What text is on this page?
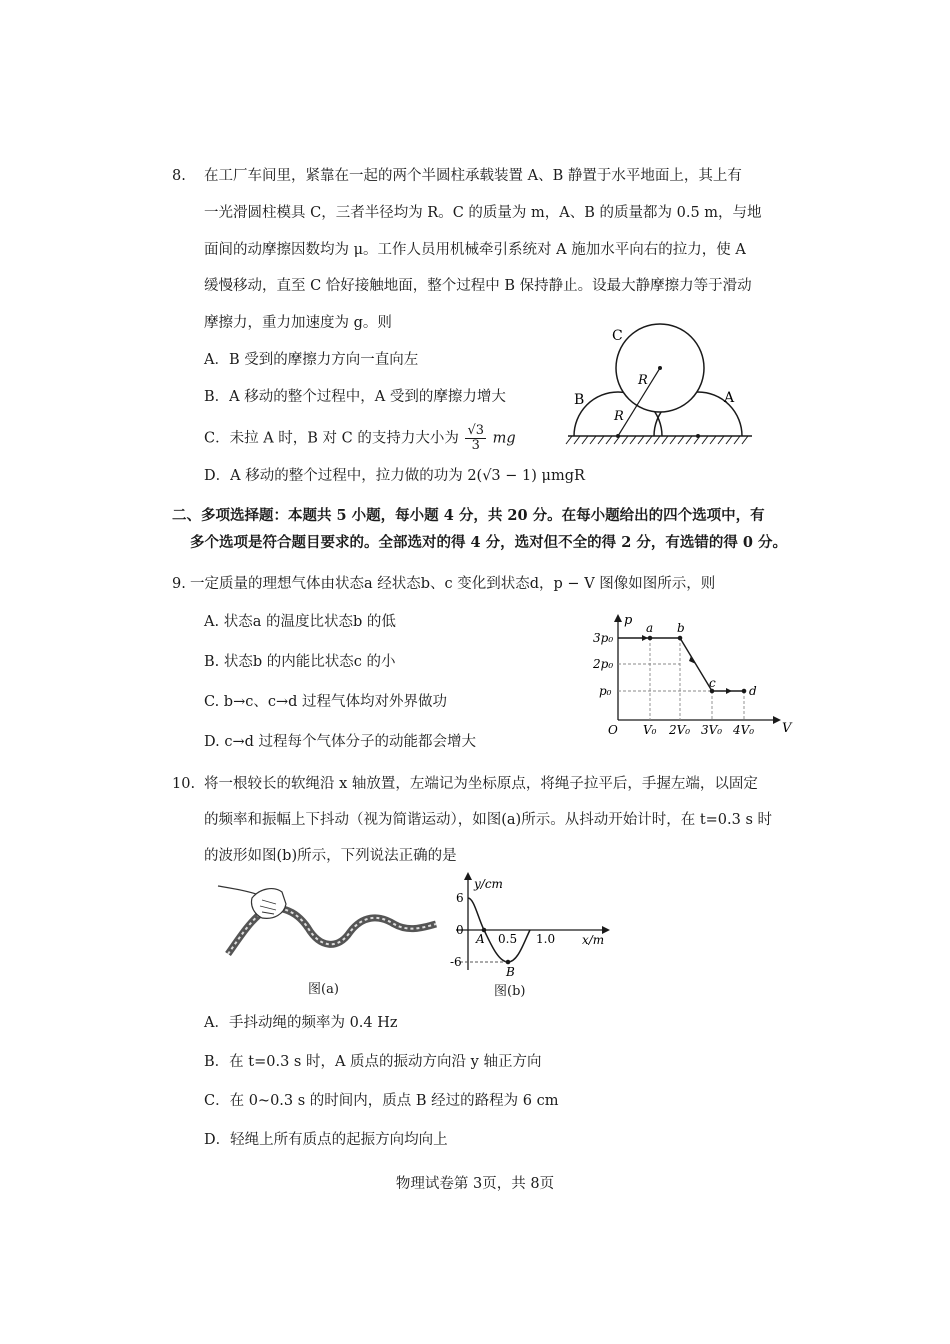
8. 在工厂车间里，紧靠在一起的两个半圆柱承载装置 A、B 静置于水平地面上，其上有
一光滑圆柱模具 C，三者半径均为 R。C 的质量为 m，A、B 的质量都为 0.5 m，与地
面间的动摩擦因数均为 μ。工作人员用机械牵引系统对 A 施加水平向右的拉力，使 A
缓慢移动，直至 C 恰好接触地面，整个过程中 B 保持静止。设最大静摩擦力等于滑动
摩擦力，重力加速度为 g。则
A．B 受到的摩擦力方向一直向左
B．A 移动的整个过程中，A 受到的摩擦力增大
C．未拉 A 时，B 对 C 的支持力大小为 $\frac{√3}{3}$ mg
D．A 移动的整个过程中，拉力做的功为 2(√3 − 1) μmgR
C
B	A
R
R
二、多项选择题：本题共 5 小题，每小题 4 分，共 20 分。在每小题给出的四个选项中，有
多个选项是符合题目要求的。全部选对的得 4 分，选对但不全的得 2 分，有选错的得 0 分。
9. 一定质量的理想气体由状态a 经状态b、c 变化到状态d，p − V 图像如图所示，则
A. 状态a 的温度比状态b 的低
B. 状态b 的内能比状态c 的小
C. b→c、c→d 过程气体均对外界做功
D. c→d 过程每个气体分子的动能都会增大
p
V
O
3p₀
2p₀
p₀
V₀ 2V₀ 3V₀ 4V₀
a b
c
d
10. 将一根较长的软绳沿 x 轴放置，左端记为坐标原点，将绳子拉平后，手握左端，以固定
的频率和振幅上下抖动（视为简谐运动），如图(a)所示。从抖动开始计时，在 t=0.3 s 时
的波形如图(b)所示，下列说法正确的是
图(a)
y/cm
x/m
6
0
-6
0.5 1.0
A
B
图(b)
A．手抖动绳的频率为 0.4 Hz
B．在 t=0.3 s 时，A 质点的振动方向沿 y 轴正方向
C．在 0~0.3 s 的时间内，质点 B 经过的路程为 6 cm
D．轻绳上所有质点的起振方向均向上
物理试卷第 3页，共 8页
